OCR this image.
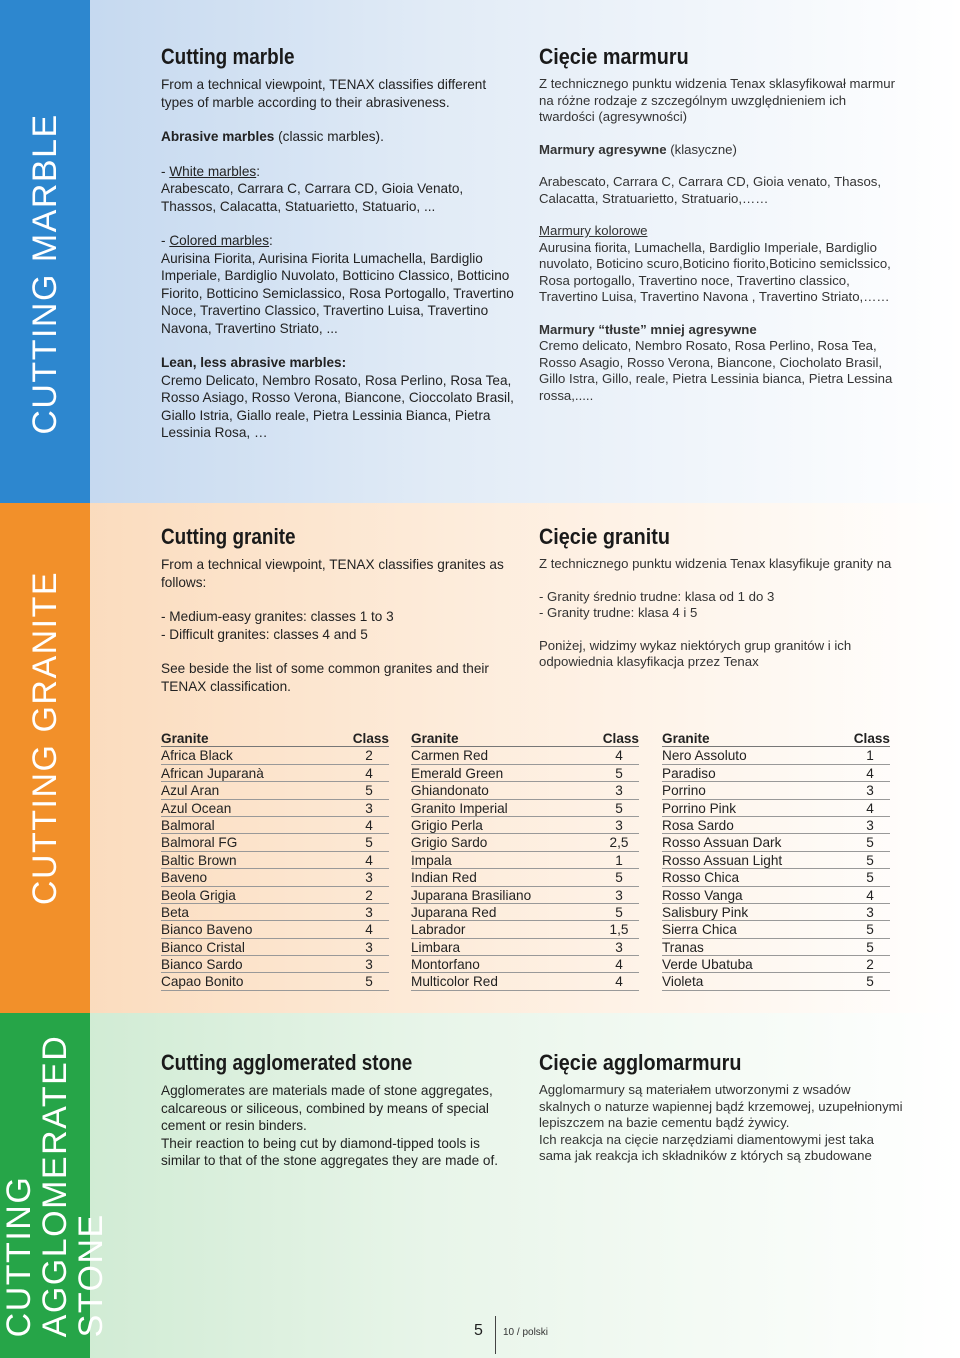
CUTTING MARBLE
CUTTING GRANITE
CUTTING
AGGLOMERATED
STONE
Cutting marble

From a technical viewpoint, TENAX classifies different types of marble according to their abrasiveness.

Abrasive marbles (classic marbles).

- White marbles:
Arabescato, Carrara C, Carrara CD, Gioia Venato, Thassos, Calacatta, Statuarietto, Statuario, ...

- Colored marbles:
Aurisina Fiorita, Aurisina Fiorita Lumachella, Bardiglio Imperiale, Bardiglio Nuvolato, Botticino Classico, Botticino Fiorito, Botticino Semiclassico, Rosa Portogallo, Travertino Noce, Travertino Classico, Travertino Luisa, Travertino Navona, Travertino Striato, ...

Lean, less abrasive marbles:
Cremo Delicato, Nembro Rosato, Rosa Perlino, Rosa Tea, Rosso Asiago, Rosso Verona, Biancone, Cioccolato Brasil, Giallo Istria, Giallo reale, Pietra Lessinia Bianca, Pietra Lessinia Rosa, …

Cięcie marmuru

Z technicznego punktu widzenia Tenax sklasyfikował marmur na różne rodzaje z szczególnym uwzględnieniem ich twardości (agresywności)

Marmury agresywne (klasyczne)

Arabescato, Carrara C, Carrara CD, Gioia venato, Thasos, Calacatta, Stratuarietto, Stratuario,……

Marmury kolorowe
Aurusina fiorita, Lumachella, Bardiglio Imperiale, Bardiglio nuvolato, Boticino scuro,Boticino fiorito,Boticino semiclssico, Rosa portogallo, Travertino noce, Travertino classico, Travertino Luisa, Travertino Navona , Travertino Striato,……

Marmury “tłuste” mniej agresywne
Cremo delicato, Nembro Rosato, Rosa Perlino, Rosa Tea, Rosso Asagio, Rosso Verona, Biancone, Ciocholato Brasil, Gillo Istra, Gillo, reale, Pietra Lessinia bianca, Pietra Lessina rossa,.....

Cutting granite

From a technical viewpoint, TENAX classifies granites as follows:

- Medium-easy granites: classes 1 to 3
- Difficult granites: classes 4 and 5

See beside the list of some common granites and their TENAX classification.

Cięcie granitu

Z technicznego punktu widzenia Tenax klasyfikuje granity na

- Granity średnio trudne: klasa od 1 do 3
- Granity trudne: klasa 4 i 5

Poniżej, widzimy wykaz niektórych grup granitów i ich odpowiednia klasyfikacja przez Tenax

Granite	Class
Africa Black	2
African Juparanà	4
Azul Aran	5
Azul Ocean	3
Balmoral	4
Balmoral FG	5
Baltic Brown	4
Baveno	3
Beola Grigia	2
Beta	3
Bianco Baveno	4
Bianco Cristal	3
Bianco Sardo	3
Capao Bonito	5
Granite	Class
Carmen Red	4
Emerald Green	5
Ghiandonato	3
Granito Imperial	5
Grigio Perla	3
Grigio Sardo	2,5
Impala	1
Indian Red	5
Juparana Brasiliano	3
Juparana Red	5
Labrador	1,5
Limbara	3
Montorfano	4
Multicolor Red	4
Granite	Class
Nero Assoluto	1
Paradiso	4
Porrino	3
Porrino Pink	4
Rosa Sardo	3
Rosso Assuan Dark	5
Rosso Assuan Light	5
Rosso Chica	5
Rosso Vanga	4
Salisbury Pink	3
Sierra Chica	5
Tranas	5
Verde Ubatuba	2
Violeta	5
Cutting agglomerated stone

Agglomerates are materials made of stone aggregates, calcareous or siliceous, combined by means of special cement or resin binders.

Their reaction to being cut by diamond-tipped tools is similar to that of the stone aggregates they are made of.

Cięcie agglomarmuru

Agglomarmury są materiałem utworzonymi z wsadów skalnych o naturze wapiennej bądź krzemowej, uzupełnionymi lepiszczem na bazie cementu bądź żywicy.

Ich reakcja na cięcie narzędziami diamentowymi jest taka sama jak reakcja ich składników z których są zbudowane

5 10 / polski
